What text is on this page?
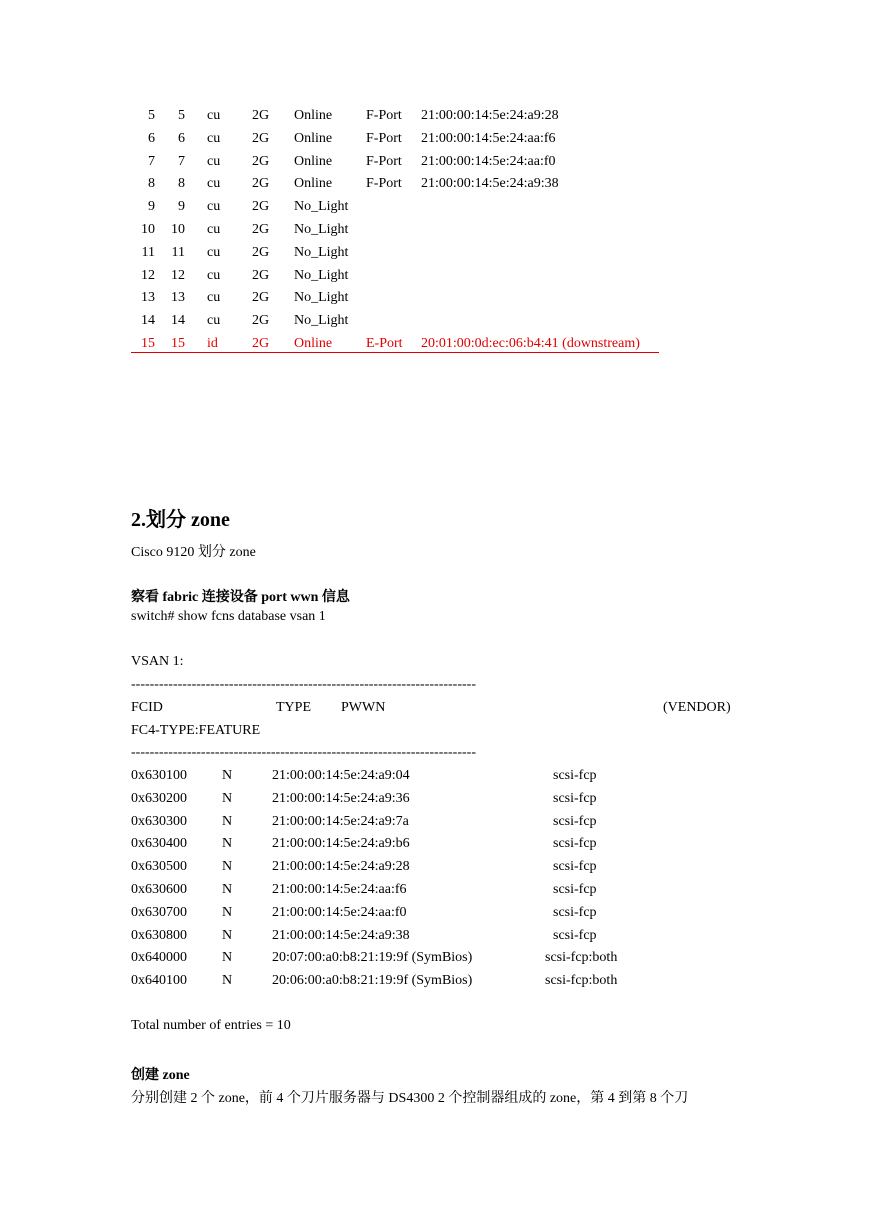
5 5 cu 2G Online F-Port 21:00:00:14:5e:24:a9:28
6 6 cu 2G Online F-Port 21:00:00:14:5e:24:aa:f6
7 7 cu 2G Online F-Port 21:00:00:14:5e:24:aa:f0
8 8 cu 2G Online F-Port 21:00:00:14:5e:24:a9:38
9 9 cu 2G No_Light
10 10 cu 2G No_Light
11 11 cu 2G No_Light
12 12 cu 2G No_Light
13 13 cu 2G No_Light
14 14 cu 2G No_Light
15 15 id 2G Online E-Port 20:01:00:0d:ec:06:b4:41 (downstream)
2.划分 zone
Cisco 9120 划分 zone
察看 fabric 连接设备 port wwn 信息
switch# show fcns database vsan 1
VSAN 1:
--------------------------------------------------------------------------
FCID	TYPE PWWN	(VENDOR)
FC4-TYPE:FEATURE
--------------------------------------------------------------------------
0x630100	N	21:00:00:14:5e:24:a9:04	scsi-fcp
0x630200	N	21:00:00:14:5e:24:a9:36	scsi-fcp
0x630300	N	21:00:00:14:5e:24:a9:7a	scsi-fcp
0x630400	N	21:00:00:14:5e:24:a9:b6	scsi-fcp
0x630500	N	21:00:00:14:5e:24:a9:28	scsi-fcp
0x630600	N	21:00:00:14:5e:24:aa:f6	scsi-fcp
0x630700	N	21:00:00:14:5e:24:aa:f0	scsi-fcp
0x630800	N	21:00:00:14:5e:24:a9:38	scsi-fcp
0x640000	N	20:07:00:a0:b8:21:19:9f (SymBios)	scsi-fcp:both
0x640100	N	20:06:00:a0:b8:21:19:9f (SymBios)	scsi-fcp:both
Total number of entries = 10
创建 zone
分别创建 2 个 zone，前 4 个刀片服务器与 DS4300 2 个控制器组成的 zone，第 4 到第 8 个刀
